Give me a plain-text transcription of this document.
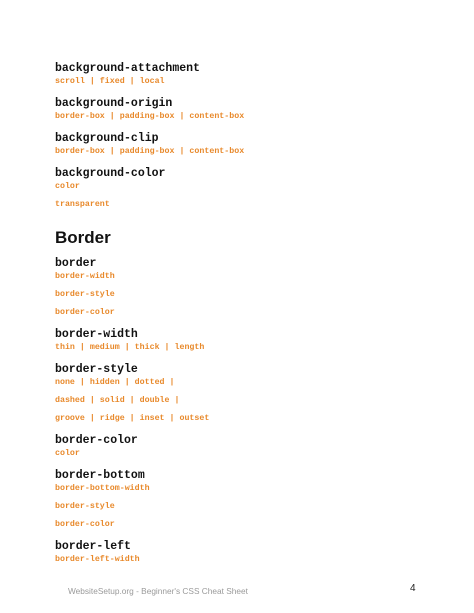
background-attachment
scroll | fixed | local
background-origin
border-box | padding-box | content-box
background-clip
border-box | padding-box | content-box
background-color
color
transparent
Border
border
border-width
border-style
border-color
border-width
thin | medium | thick | length
border-style
none | hidden | dotted |
dashed | solid | double |
groove | ridge | inset | outset
border-color
color
border-bottom
border-bottom-width
border-style
border-color
border-left
border-left-width
WebsiteSetup.org - Beginner's CSS Cheat Sheet	4
